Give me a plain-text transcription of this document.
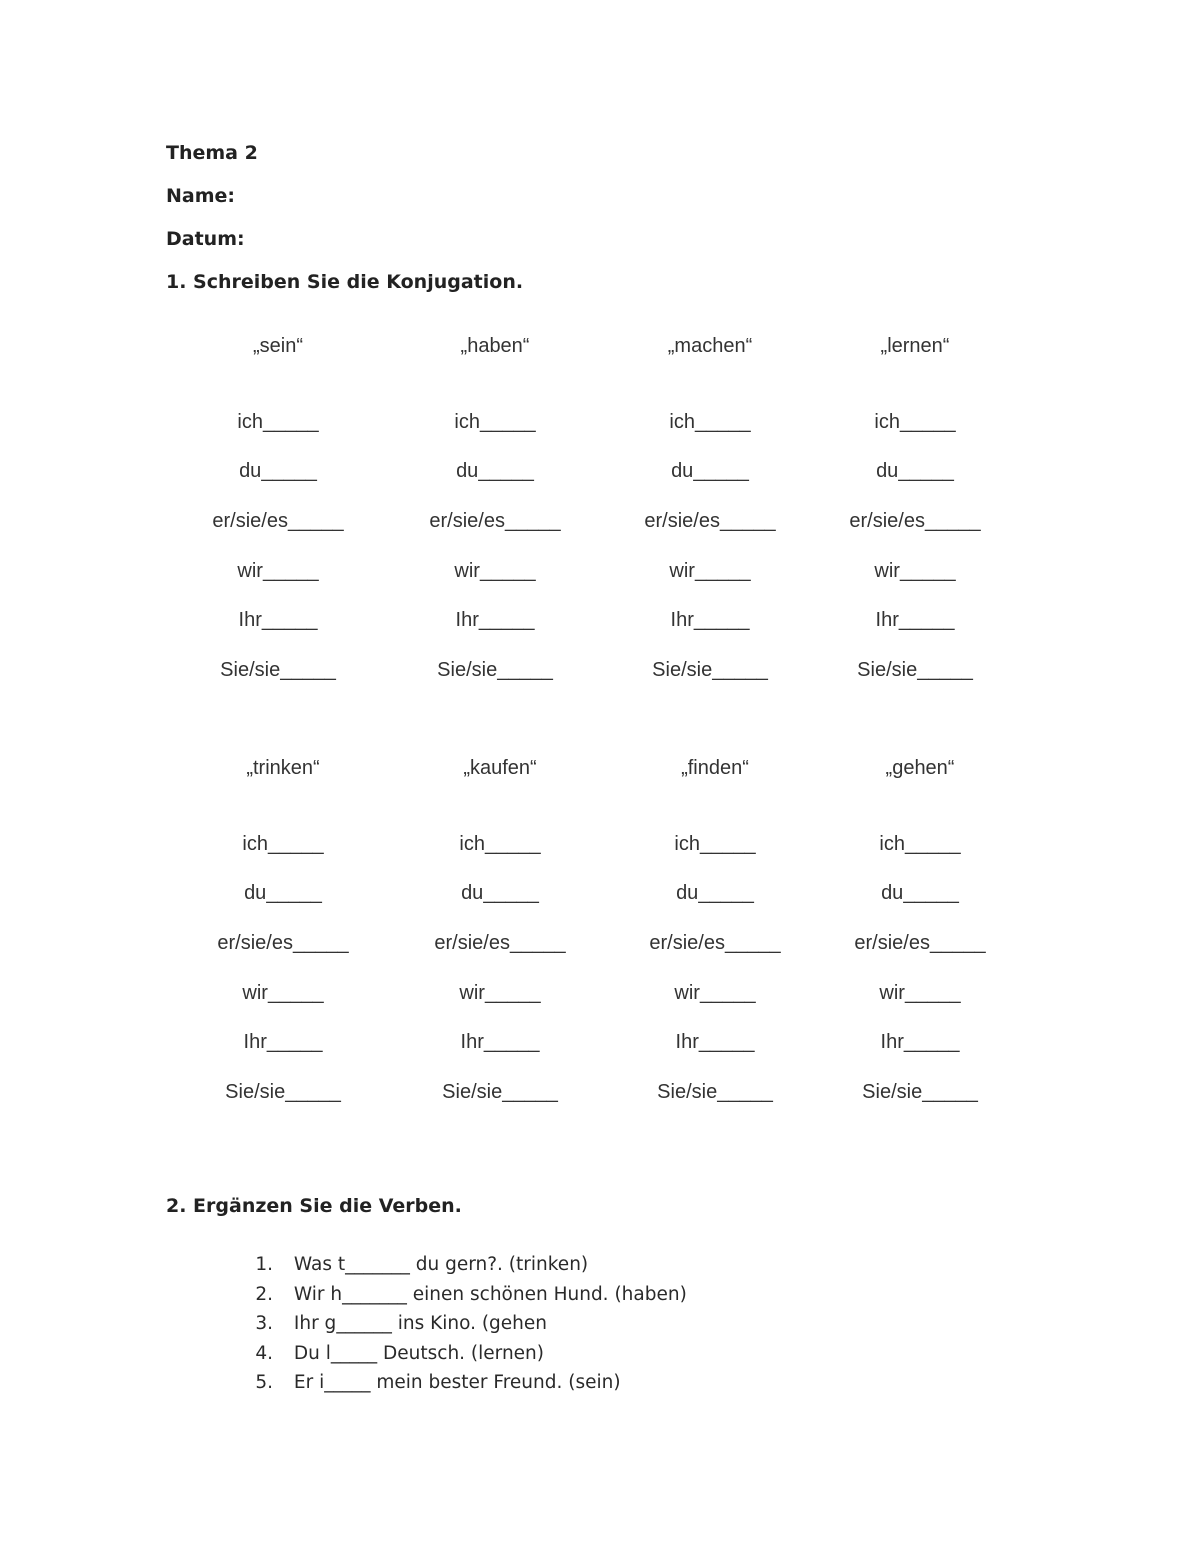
Thema 2
Name:
Datum:
1. Schreiben Sie die Konjugation.
„sein“
ich_____
du_____
er/sie/es_____
wir_____
Ihr_____
Sie/sie_____
„haben“
ich_____
du_____
er/sie/es_____
wir_____
Ihr_____
Sie/sie_____
„machen“
ich_____
du_____
er/sie/es_____
wir_____
Ihr_____
Sie/sie_____
„lernen“
ich_____
du_____
er/sie/es_____
wir_____
Ihr_____
Sie/sie_____
„trinken“
ich_____
du_____
er/sie/es_____
wir_____
Ihr_____
Sie/sie_____
„kaufen“
ich_____
du_____
er/sie/es_____
wir_____
Ihr_____
Sie/sie_____
„finden“
ich_____
du_____
er/sie/es_____
wir_____
Ihr_____
Sie/sie_____
„gehen“
ich_____
du_____
er/sie/es_____
wir_____
Ihr_____
Sie/sie_____
2. Ergänzen Sie die Verben.
1. Was t_______ du gern?. (trinken)
2. Wir h_______ einen schönen Hund. (haben)
3. Ihr g______ ins Kino. (gehen
4. Du l_____ Deutsch. (lernen)
5. Er i_____ mein bester Freund. (sein)
